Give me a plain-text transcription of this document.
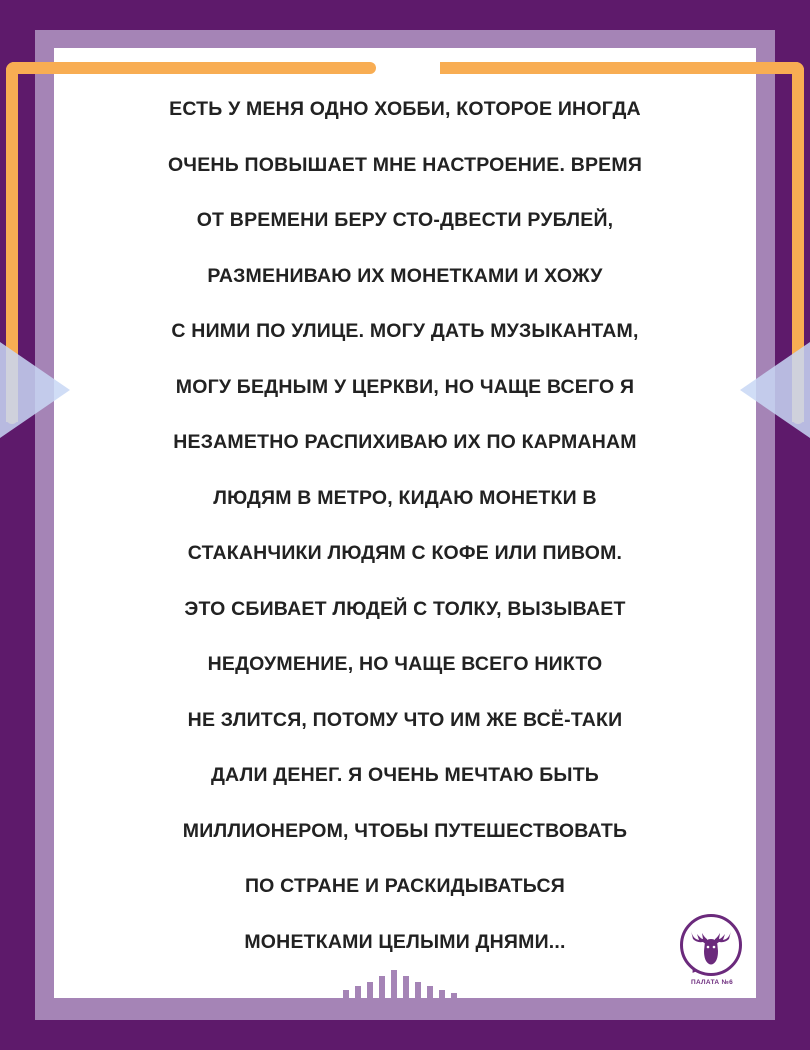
ЕСТЬ У МЕНЯ ОДНО ХОББИ, КОТОРОЕ ИНОГДА
ОЧЕНЬ ПОВЫШАЕТ МНЕ НАСТРОЕНИЕ. ВРЕМЯ
ОТ ВРЕМЕНИ БЕРУ СТО-ДВЕСТИ РУБЛЕЙ,
РАЗМЕНИВАЮ ИХ МОНЕТКАМИ И ХОЖУ
С НИМИ ПО УЛИЦЕ. МОГУ ДАТЬ МУЗЫКАНТАМ,
МОГУ БЕДНЫМ У ЦЕРКВИ, НО ЧАЩЕ ВСЕГО Я
НЕЗАМЕТНО РАСПИХИВАЮ ИХ ПО КАРМАНАМ
ЛЮДЯМ В МЕТРО, КИДАЮ МОНЕТКИ В
СТАКАНЧИКИ ЛЮДЯМ С КОФЕ ИЛИ ПИВОМ.
ЭТО СБИВАЕТ ЛЮДЕЙ С ТОЛКУ, ВЫЗЫВАЕТ
НЕДОУМЕНИЕ, НО ЧАЩЕ ВСЕГО НИКТО
НЕ ЗЛИТСЯ, ПОТОМУ ЧТО ИМ ЖЕ ВСЁ-ТАКИ
ДАЛИ ДЕНЕГ. Я ОЧЕНЬ МЕЧТАЮ БЫТЬ
МИЛЛИОНЕРОМ, ЧТОБЫ ПУТЕШЕСТВОВАТЬ
ПО СТРАНЕ И РАСКИДЫВАТЬСЯ
МОНЕТКАМИ ЦЕЛЫМИ ДНЯМИ...
ПАЛАТА №6
